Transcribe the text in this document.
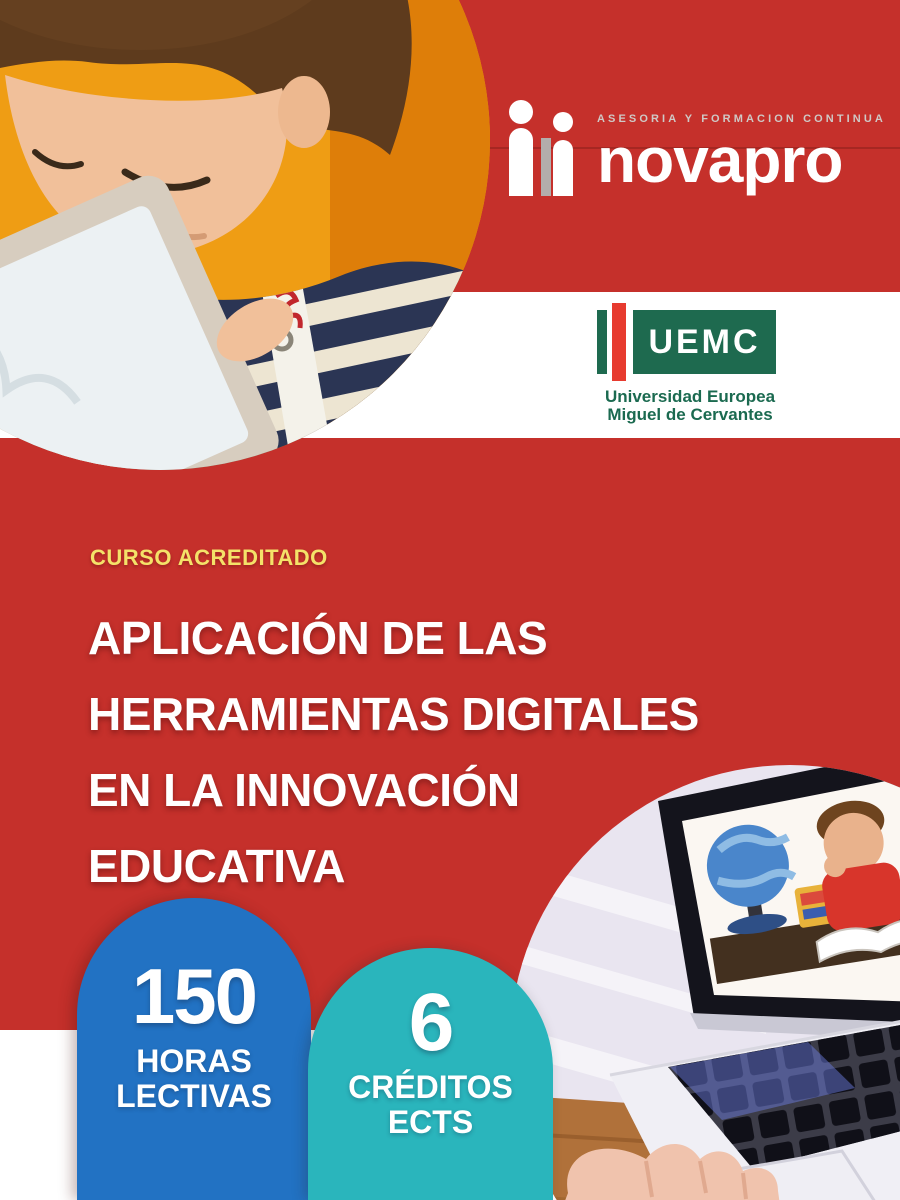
ASESORIA Y FORMACION CONTINUA
novapro
UEMC
Universidad Europea
Miguel de Cervantes
CURSO ACREDITADO
APLICACIÓN DE LAS
HERRAMIENTAS DIGITALES
EN LA INNOVACIÓN
EDUCATIVA
150
HORAS
LECTIVAS
6
CRÉDITOS
ECTS
